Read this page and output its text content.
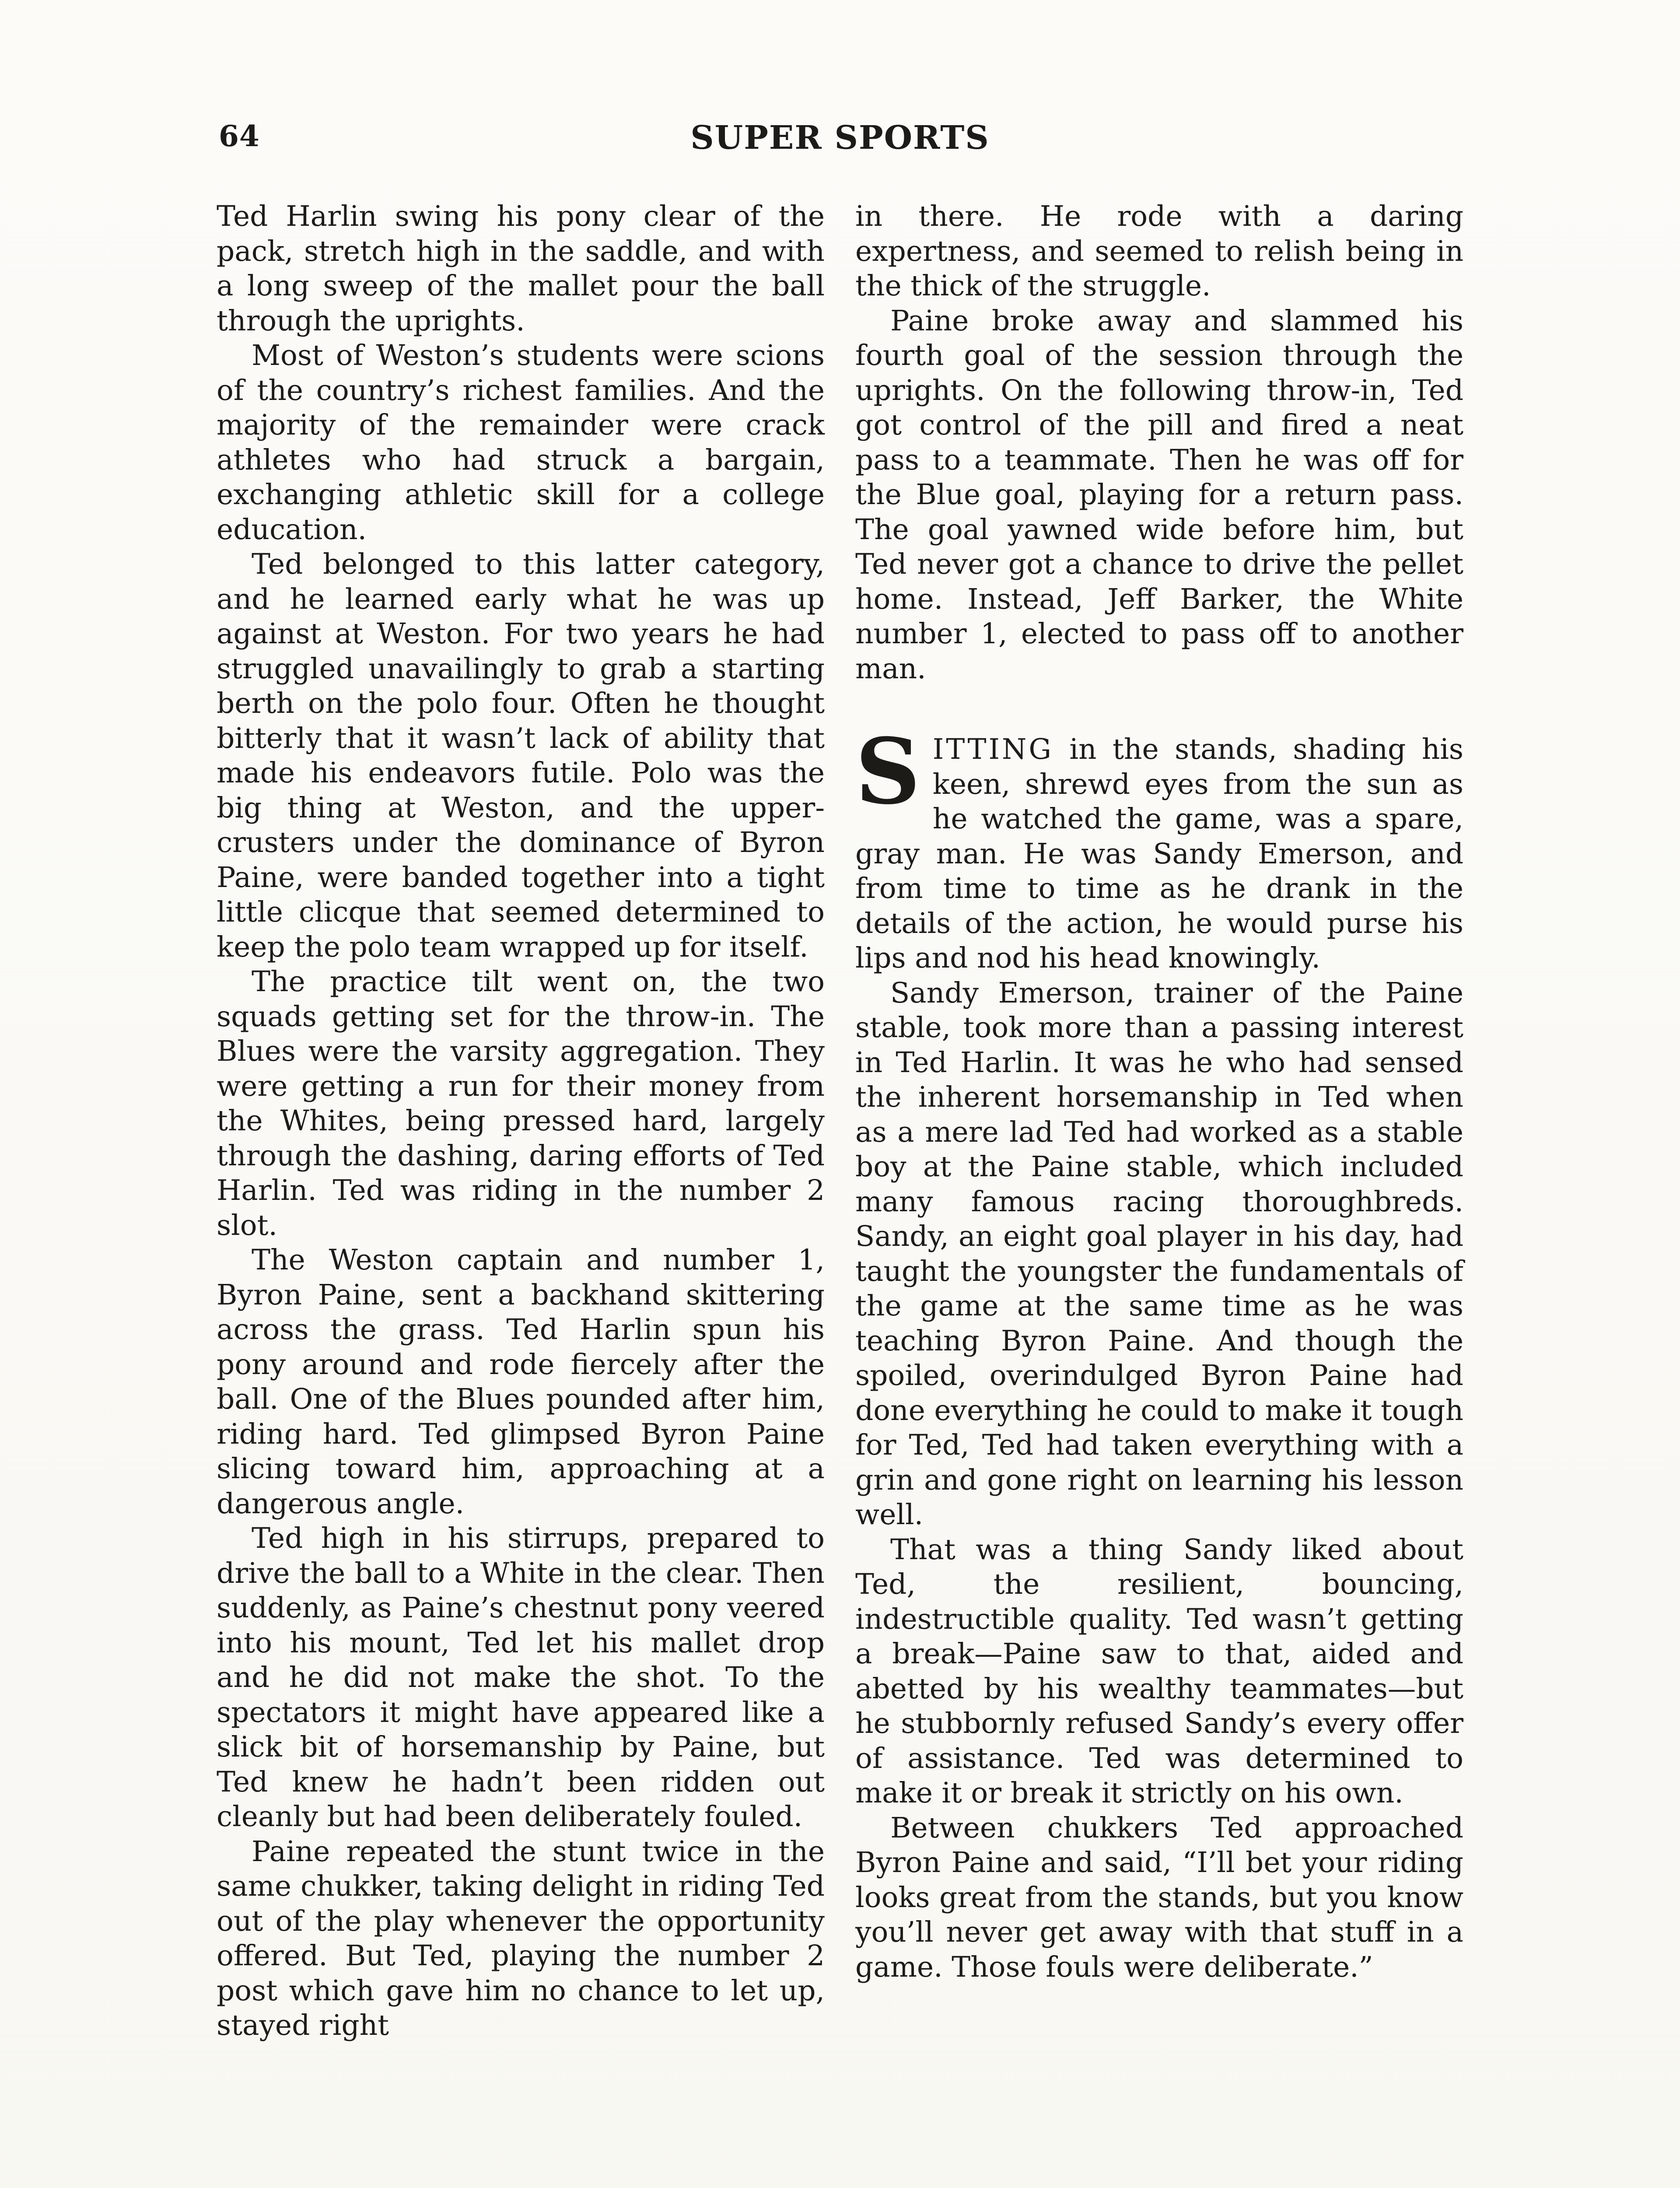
64	SUPER SPORTS

Ted Harlin swing his pony clear of the pack, stretch high in the saddle, and with a long sweep of the mallet pour the ball through the uprights.

Most of Weston’s students were scions of the country’s richest families. And the majority of the remainder were crack athletes who had struck a bargain, exchanging athletic skill for a college education.

Ted belonged to this latter category, and he learned early what he was up against at Weston. For two years he had struggled unavailingly to grab a starting berth on the polo four. Often he thought bitterly that it wasn’t lack of ability that made his endeavors futile. Polo was the big thing at Weston, and the upper-crusters under the dominance of Byron Paine, were banded together into a tight little clicque that seemed determined to keep the polo team wrapped up for itself.

The practice tilt went on, the two squads getting set for the throw-in. The Blues were the varsity aggregation. They were getting a run for their money from the Whites, being pressed hard, largely through the dashing, daring efforts of Ted Harlin. Ted was riding in the number 2 slot.

The Weston captain and number 1, Byron Paine, sent a backhand skittering across the grass. Ted Harlin spun his pony around and rode fiercely after the ball. One of the Blues pounded after him, riding hard. Ted glimpsed Byron Paine slicing toward him, approaching at a dangerous angle.

Ted high in his stirrups, prepared to drive the ball to a White in the clear. Then suddenly, as Paine’s chestnut pony veered into his mount, Ted let his mallet drop and he did not make the shot. To the spectators it might have appeared like a slick bit of horsemanship by Paine, but Ted knew he hadn’t been ridden out cleanly but had been deliberately fouled.

Paine repeated the stunt twice in the same chukker, taking delight in riding Ted out of the play whenever the opportunity offered. But Ted, playing the number 2 post which gave him no chance to let up, stayed right

in there. He rode with a daring expertness, and seemed to relish being in the thick of the struggle.

Paine broke away and slammed his fourth goal of the session through the uprights. On the following throw-in, Ted got control of the pill and fired a neat pass to a teammate. Then he was off for the Blue goal, playing for a return pass. The goal yawned wide before him, but Ted never got a chance to drive the pellet home. Instead, Jeff Barker, the White number 1, elected to pass off to another man.

S ITTING in the stands, shading his keen, shrewd eyes from the sun as he watched the game, was a spare, gray man. He was Sandy Emerson, and from time to time as he drank in the details of the action, he would purse his lips and nod his head knowingly.

Sandy Emerson, trainer of the Paine stable, took more than a passing interest in Ted Harlin. It was he who had sensed the inherent horsemanship in Ted when as a mere lad Ted had worked as a stable boy at the Paine stable, which included many famous racing thoroughbreds. Sandy, an eight goal player in his day, had taught the youngster the fundamentals of the game at the same time as he was teaching Byron Paine. And though the spoiled, overindulged Byron Paine had done everything he could to make it tough for Ted, Ted had taken everything with a grin and gone right on learning his lesson well.

That was a thing Sandy liked about Ted, the resilient, bouncing, indestructible quality. Ted wasn’t getting a break—Paine saw to that, aided and abetted by his wealthy teammates—but he stubbornly refused Sandy’s every offer of assistance. Ted was determined to make it or break it strictly on his own.

Between chukkers Ted approached Byron Paine and said, “I’ll bet your riding looks great from the stands, but you know you’ll never get away with that stuff in a game. Those fouls were deliberate.”
